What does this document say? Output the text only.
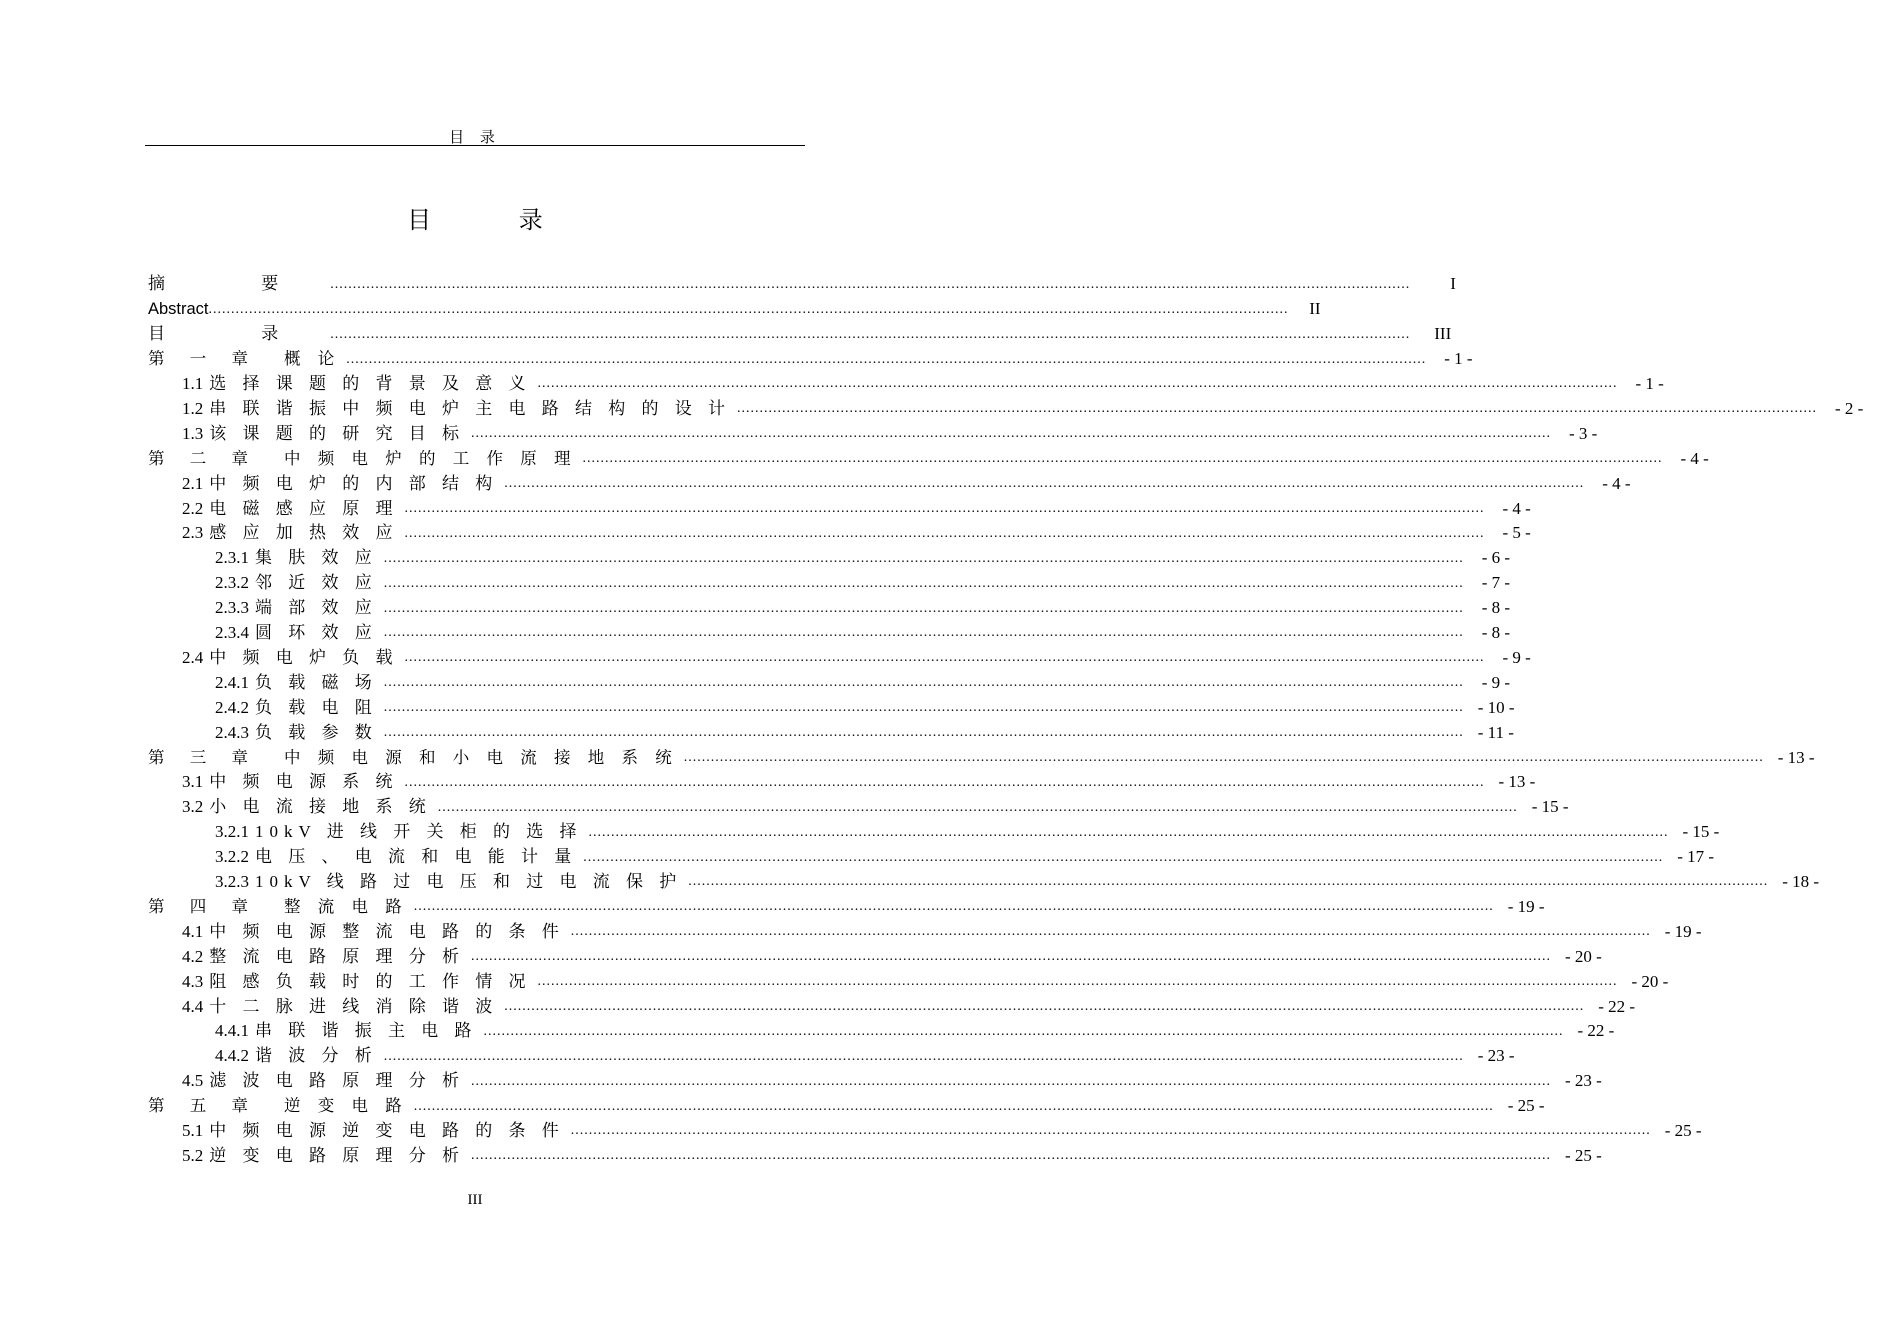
目 录
目 录
摘 要 ................................................................................................................................................................................................................................................	I
Abstract ................................................................................................................................................................................................................................................	II
目 录 ................................................................................................................................................................................................................................................	III
第 一 章 概 论 ................................................................................................................................................................................................................................................ - 1 -
1.1 选 择 课 题 的 背 景 及 意 义 ................................................................................................................................................................................................................................................ - 1 -
1.2 串 联 谐 振 中 频 电 炉 主 电 路 结 构 的 设 计 ................................................................................................................................................................................................................................................ - 2 -
1.3 该 课 题 的 研 究 目 标 ................................................................................................................................................................................................................................................ - 3 -
第 二 章 中 频 电 炉 的 工 作 原 理 ................................................................................................................................................................................................................................................ - 4 -
2.1 中 频 电 炉 的 内 部 结 构 ................................................................................................................................................................................................................................................ - 4 -
2.2 电 磁 感 应 原 理 ................................................................................................................................................................................................................................................ - 4 -
2.3 感 应 加 热 效 应 ................................................................................................................................................................................................................................................ - 5 -
2.3.1 集 肤 效 应 ................................................................................................................................................................................................................................................ - 6 -
2.3.2 邻 近 效 应 ................................................................................................................................................................................................................................................ - 7 -
2.3.3 端 部 效 应 ................................................................................................................................................................................................................................................ - 8 -
2.3.4 圆 环 效 应 ................................................................................................................................................................................................................................................ - 8 -
2.4 中 频 电 炉 负 载 ................................................................................................................................................................................................................................................ - 9 -
2.4.1 负 载 磁 场 ................................................................................................................................................................................................................................................ - 9 -
2.4.2 负 载 电 阻 ................................................................................................................................................................................................................................................ - 10 -
2.4.3 负 载 参 数 ................................................................................................................................................................................................................................................ - 11 -
第 三 章 中 频 电 源 和 小 电 流 接 地 系 统 ................................................................................................................................................................................................................................................ - 13 -
3.1 中 频 电 源 系 统 ................................................................................................................................................................................................................................................ - 13 -
3.2 小 电 流 接 地 系 统 ................................................................................................................................................................................................................................................ - 15 -
3.2.1 10kV 进 线 开 关 柜 的 选 择 ................................................................................................................................................................................................................................................ - 15 -
3.2.2 电 压 、 电 流 和 电 能 计 量 ................................................................................................................................................................................................................................................ - 17 -
3.2.3 10kV 线 路 过 电 压 和 过 电 流 保 护 ................................................................................................................................................................................................................................................ - 18 -
第 四 章 整 流 电 路 ................................................................................................................................................................................................................................................ - 19 -
4.1 中 频 电 源 整 流 电 路 的 条 件 ................................................................................................................................................................................................................................................ - 19 -
4.2 整 流 电 路 原 理 分 析 ................................................................................................................................................................................................................................................ - 20 -
4.3 阻 感 负 载 时 的 工 作 情 况 ................................................................................................................................................................................................................................................ - 20 -
4.4 十 二 脉 进 线 消 除 谐 波 ................................................................................................................................................................................................................................................ - 22 -
4.4.1 串 联 谐 振 主 电 路 ................................................................................................................................................................................................................................................ - 22 -
4.4.2 谐 波 分 析 ................................................................................................................................................................................................................................................ - 23 -
4.5 滤 波 电 路 原 理 分 析 ................................................................................................................................................................................................................................................ - 23 -
第 五 章 逆 变 电 路 ................................................................................................................................................................................................................................................ - 25 -
5.1 中 频 电 源 逆 变 电 路 的 条 件 ................................................................................................................................................................................................................................................ - 25 -
5.2 逆 变 电 路 原 理 分 析 ................................................................................................................................................................................................................................................ - 25 -
III
